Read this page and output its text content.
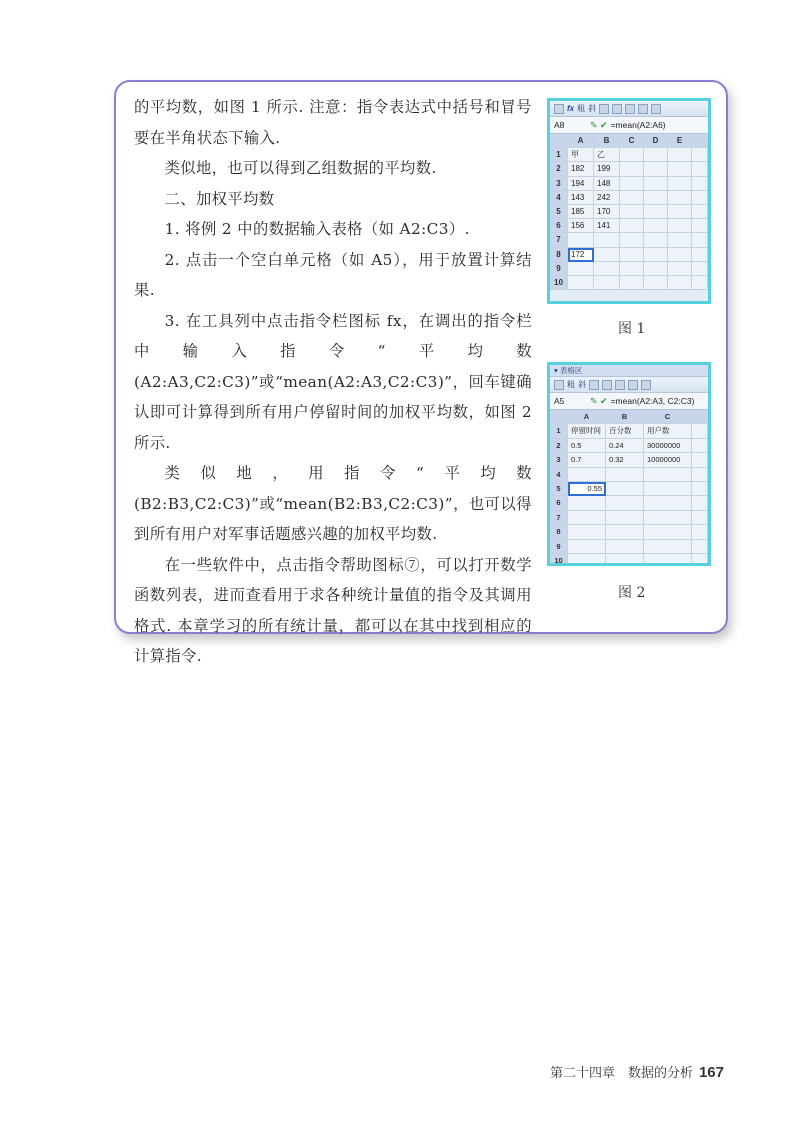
的平均数，如图 1 所示. 注意：指令表达式中括号和冒号要在半角状态下输入.

类似地，也可以得到乙组数据的平均数.

二、加权平均数

1. 将例 2 中的数据输入表格（如 A2:C3）.

2. 点击一个空白单元格（如 A5），用于放置计算结果.

3. 在工具列中点击指令栏图标 fx，在调出的指令栏中输入指令“平均数(A2:A3,C2:C3)”或“mean(A2:A3,C2:C3)”，回车键确认即可计算得到所有用户停留时间的加权平均数，如图 2 所示.

类似地，用指令“平均数(B2:B3,C2:C3)”或“mean(B2:B3,C2:C3)”，也可以得到所有用户对军事话题感兴趣的加权平均数.

在一些软件中，点击指令帮助图标⑦，可以打开数学函数列表，进而查看用于求各种统计量值的指令及其调用格式. 本章学习的所有统计量，都可以在其中找到相应的计算指令.

fx 粗 斜
A8	✎ ✔ =mean(A2:A6)
A	B	C	D	E
1	甲	乙
2	182	199
3	194	148
4	143	242
5	185	170
6	156	141
7
8	172
9
10
图 1
▾ 表格区
粗 斜
A5	✎ ✔ =mean(A2:A3, C2:C3)
A	B	C
1	停留时间	百分数	用户数
2	0.5	0.24	30000000
3	0.7	0.32	10000000
4
5	0.55
6
7
8
9
10
图 2
第二十四章　数据的分析 167
